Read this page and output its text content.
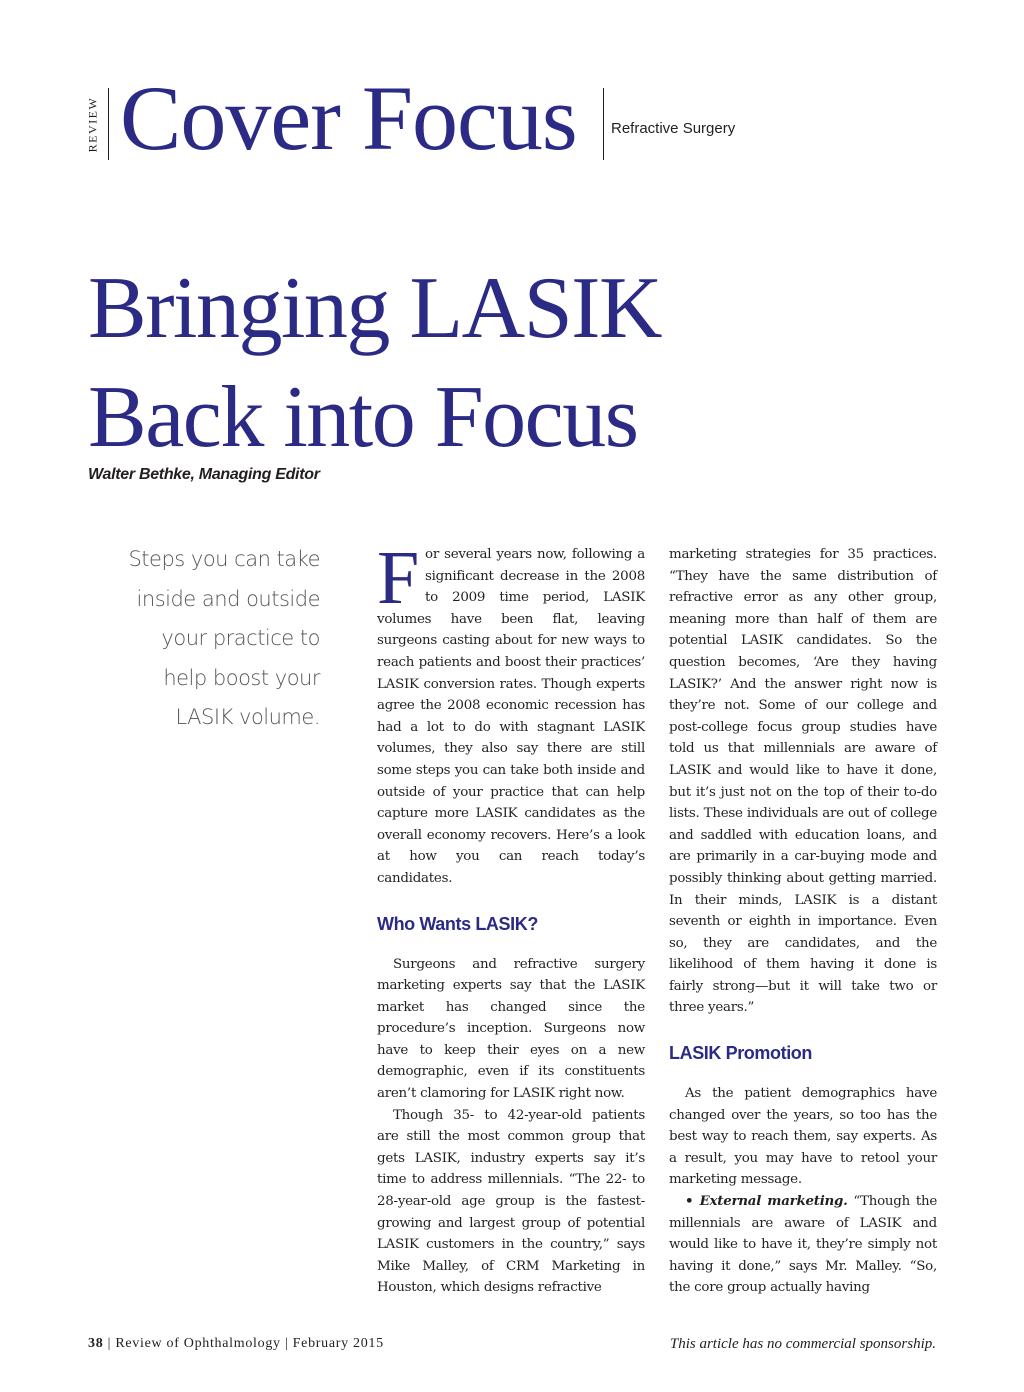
REVIEW Cover Focus Refractive Surgery
Bringing LASIK
Back into Focus
Walter Bethke, Managing Editor

Steps you can take inside and outside your practice to help boost your LASIK volume.

For several years now, following a significant decrease in the 2008 to 2009 time period, LASIK volumes have been flat, leaving surgeons casting about for new ways to reach patients and boost their practices’ LASIK conversion rates. Though experts agree the 2008 economic recession has had a lot to do with stagnant LASIK volumes, they also say there are still some steps you can take both inside and outside of your practice that can help capture more LASIK candidates as the overall economy recovers. Here’s a look at how you can reach today’s candidates.

Who Wants LASIK?

Surgeons and refractive surgery marketing experts say that the LASIK market has changed since the procedure’s inception. Surgeons now have to keep their eyes on a new demographic, even if its constituents aren’t clamoring for LASIK right now.

Though 35- to 42-year-old patients are still the most common group that gets LASIK, industry experts say it’s time to address millennials. “The 22- to 28-year-old age group is the fastest-growing and largest group of potential LASIK customers in the country,” says Mike Malley, of CRM Marketing in Houston, which designs refractive

marketing strategies for 35 practices. “They have the same distribution of refractive error as any other group, meaning more than half of them are potential LASIK candidates. So the question becomes, ‘Are they having LASIK?’ And the answer right now is they’re not. Some of our college and post-college focus group studies have told us that millennials are aware of LASIK and would like to have it done, but it’s just not on the top of their to-do lists. These individuals are out of college and saddled with education loans, and are primarily in a car-buying mode and possibly thinking about getting married. In their minds, LASIK is a distant seventh or eighth in importance. Even so, they are candidates, and the likelihood of them having it done is fairly strong—but it will take two or three years.”

LASIK Promotion

As the patient demographics have changed over the years, so too has the best way to reach them, say experts. As a result, you may have to retool your marketing message.

• External marketing. “Though the millennials are aware of LASIK and would like to have it, they’re simply not having it done,” says Mr. Malley. “So, the core group actually having

38 | Review of Ophthalmology | February 2015	This article has no commercial sponsorship.
